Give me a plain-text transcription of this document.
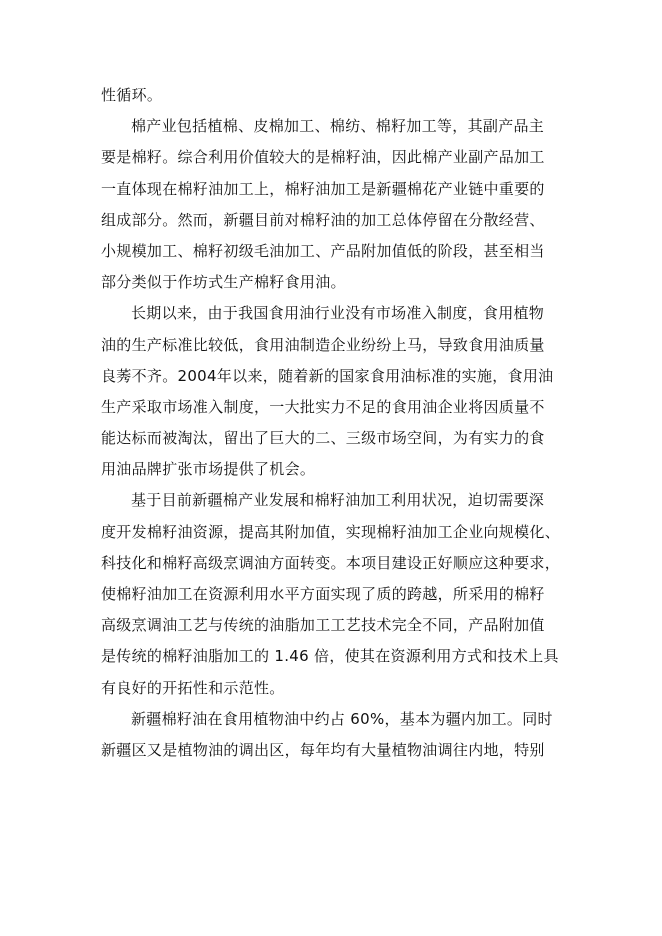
性循环。
棉产业包括植棉、皮棉加工、棉纺、棉籽加工等，其副产品主
要是棉籽。综合利用价值较大的是棉籽油，因此棉产业副产品加工
一直体现在棉籽油加工上，棉籽油加工是新疆棉花产业链中重要的
组成部分。然而，新疆目前对棉籽油的加工总体停留在分散经营、
小规模加工、棉籽初级毛油加工、产品附加值低的阶段，甚至相当
部分类似于作坊式生产棉籽食用油。
长期以来，由于我国食用油行业没有市场准入制度，食用植物
油的生产标准比较低，食用油制造企业纷纷上马，导致食用油质量
良莠不齐。2004年以来，随着新的国家食用油标准的实施，食用油
生产采取市场准入制度，一大批实力不足的食用油企业将因质量不
能达标而被淘汰，留出了巨大的二、三级市场空间，为有实力的食
用油品牌扩张市场提供了机会。
基于目前新疆棉产业发展和棉籽油加工利用状况，迫切需要深
度开发棉籽油资源，提高其附加值，实现棉籽油加工企业向规模化、
科技化和棉籽高级烹调油方面转变。本项目建设正好顺应这种要求，
使棉籽油加工在资源利用水平方面实现了质的跨越，所采用的棉籽
高级烹调油工艺与传统的油脂加工工艺技术完全不同，产品附加值
是传统的棉籽油脂加工的 1.46 倍，使其在资源利用方式和技术上具
有良好的开拓性和示范性。
新疆棉籽油在食用植物油中约占 60%，基本为疆内加工。同时
新疆区又是植物油的调出区，每年均有大量植物油调往内地，特别
